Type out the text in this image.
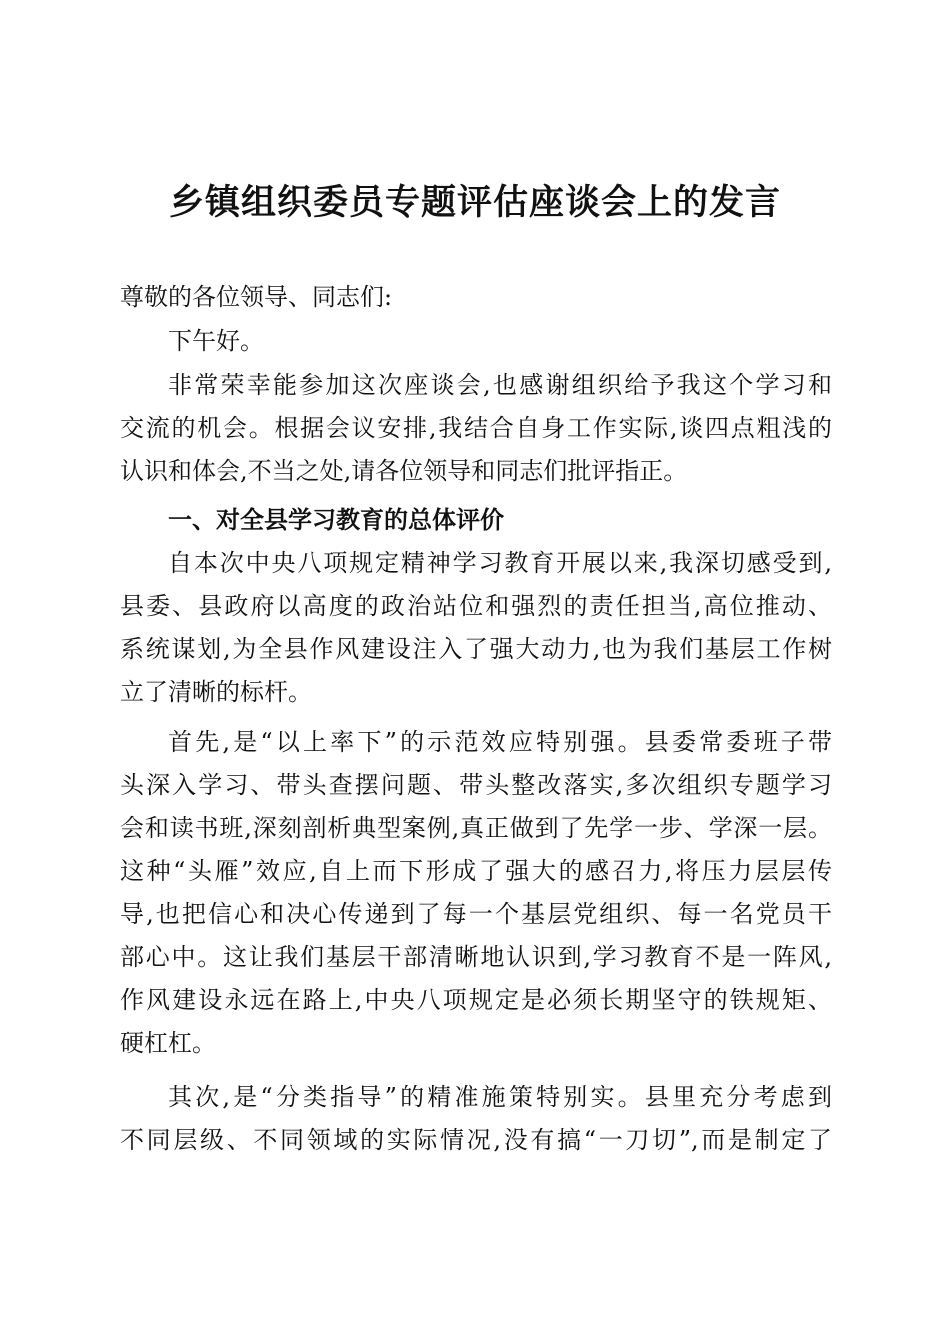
乡镇组织委员专题评估座谈会上的发言

尊敬的各位领导、同志们:

下午好。

非常荣幸能参加这次座谈会,也感谢组织给予我这个学习和

交流的机会。根据会议安排,我结合自身工作实际,谈四点粗浅的

认识和体会,不当之处,请各位领导和同志们批评指正。

一、对全县学习教育的总体评价

自本次中央八项规定精神学习教育开展以来,我深切感受到,

县委、县政府以高度的政治站位和强烈的责任担当,高位推动、

系统谋划,为全县作风建设注入了强大动力,也为我们基层工作树

立了清晰的标杆。

首先,是“以上率下”的示范效应特别强。县委常委班子带

头深入学习、带头查摆问题、带头整改落实,多次组织专题学习

会和读书班,深刻剖析典型案例,真正做到了先学一步、学深一层。

这种“头雁”效应,自上而下形成了强大的感召力,将压力层层传

导,也把信心和决心传递到了每一个基层党组织、每一名党员干

部心中。这让我们基层干部清晰地认识到,学习教育不是一阵风,

作风建设永远在路上,中央八项规定是必须长期坚守的铁规矩、

硬杠杠。

其次,是“分类指导”的精准施策特别实。县里充分考虑到

不同层级、不同领域的实际情况,没有搞“一刀切”,而是制定了
